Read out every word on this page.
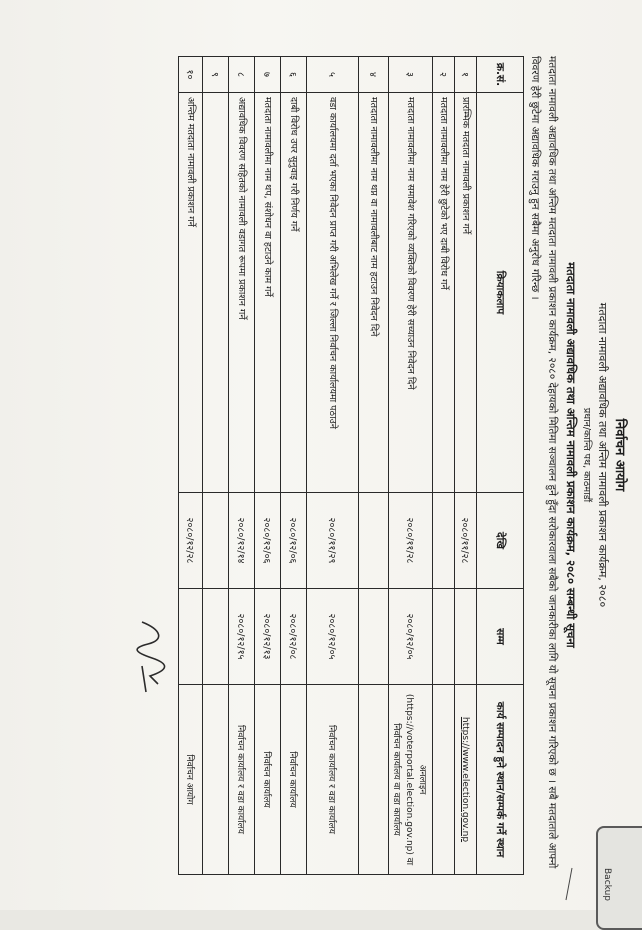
निर्वाचन आयोग
मतदाता नामावली अद्यावधिक तथा अन्तिम नामावली प्रकाशन कार्यक्रम, २०८०
प्रधान/कान्ति पथ, काठमाडौं
मतदाता नामावली अद्यावधिक तथा अन्तिम नामावली प्रकाशन कार्यक्रम, २०८० सम्बन्धी सूचना
मतदाता नामावली अद्यावधिक तथा अन्तिम मतदाता नामावली प्रकाशन कार्यक्रम, २०८० देहायको मितिमा सञ्चालन हुने हुँदा सरोकारवाला सबैको जानकारीका लागि यो सूचना प्रकाशन गरिएको छ । सबै मतदाताले आफ्नो विवरण हेरी छुटेमा अद्यावधिक गराउनु हुन सबैमा अनुरोध गरिन्छ ।
क्र.सं.	क्रियाकलाप	देखि	सम्म	कार्य सम्पादन हुने स्थान/सम्पर्क गर्ने स्थान
१	प्रारम्भिक मतदाता नामावली प्रकाशन गर्ने	२०८०/११/२८		https://www.election.gov.np
२	मतदाता नामावलीमा नाम हेरी छुटेको भए दाबी विरोध गर्ने			
३	मतदाता नामावलीमा नाम समावेश गरिएको व्यक्तिको विवरण हेरी सच्याउन निवेदन दिने	२०८०/११/२८	२०८०/१२/०५	अनलाइन (https://voterportal.election.gov.np) वा निर्वाचन कार्यालय वा वडा कार्यालय
४	मतदाता नामावलीमा नाम थप्न वा नामावलीबाट नाम हटाउन निवेदन दिने			
५	वडा कार्यालयमा दर्ता भएका निवेदन प्राप्त गरी अभिलेख गर्ने र जिल्ला निर्वाचन कार्यालयमा पठाउने	२०८०/११/२९	२०८०/१२/०५	निर्वाचन कार्यालय र वडा कार्यालय
६	दाबी विरोध उपर सुनुवाइ गरी निर्णय गर्ने	२०८०/१२/०६	२०८०/१२/०८	निर्वाचन कार्यालय
७	मतदाता नामावलीमा नाम थप, संशोधन वा हटाउने काम गर्ने	२०८०/१२/०६	२०८०/१२/१३	निर्वाचन कार्यालय
८	अद्यावधिक विवरण सहितको नामावली वडागत रूपमा प्रकाशन गर्ने	२०८०/१२/१४	२०८०/१२/१५	निर्वाचन कार्यालय र वडा कार्यालय
९				
१०	अन्तिम मतदाता नामावली प्रकाशन गर्ने	२०८०/१२/२८		निर्वाचन आयोग
Backup
